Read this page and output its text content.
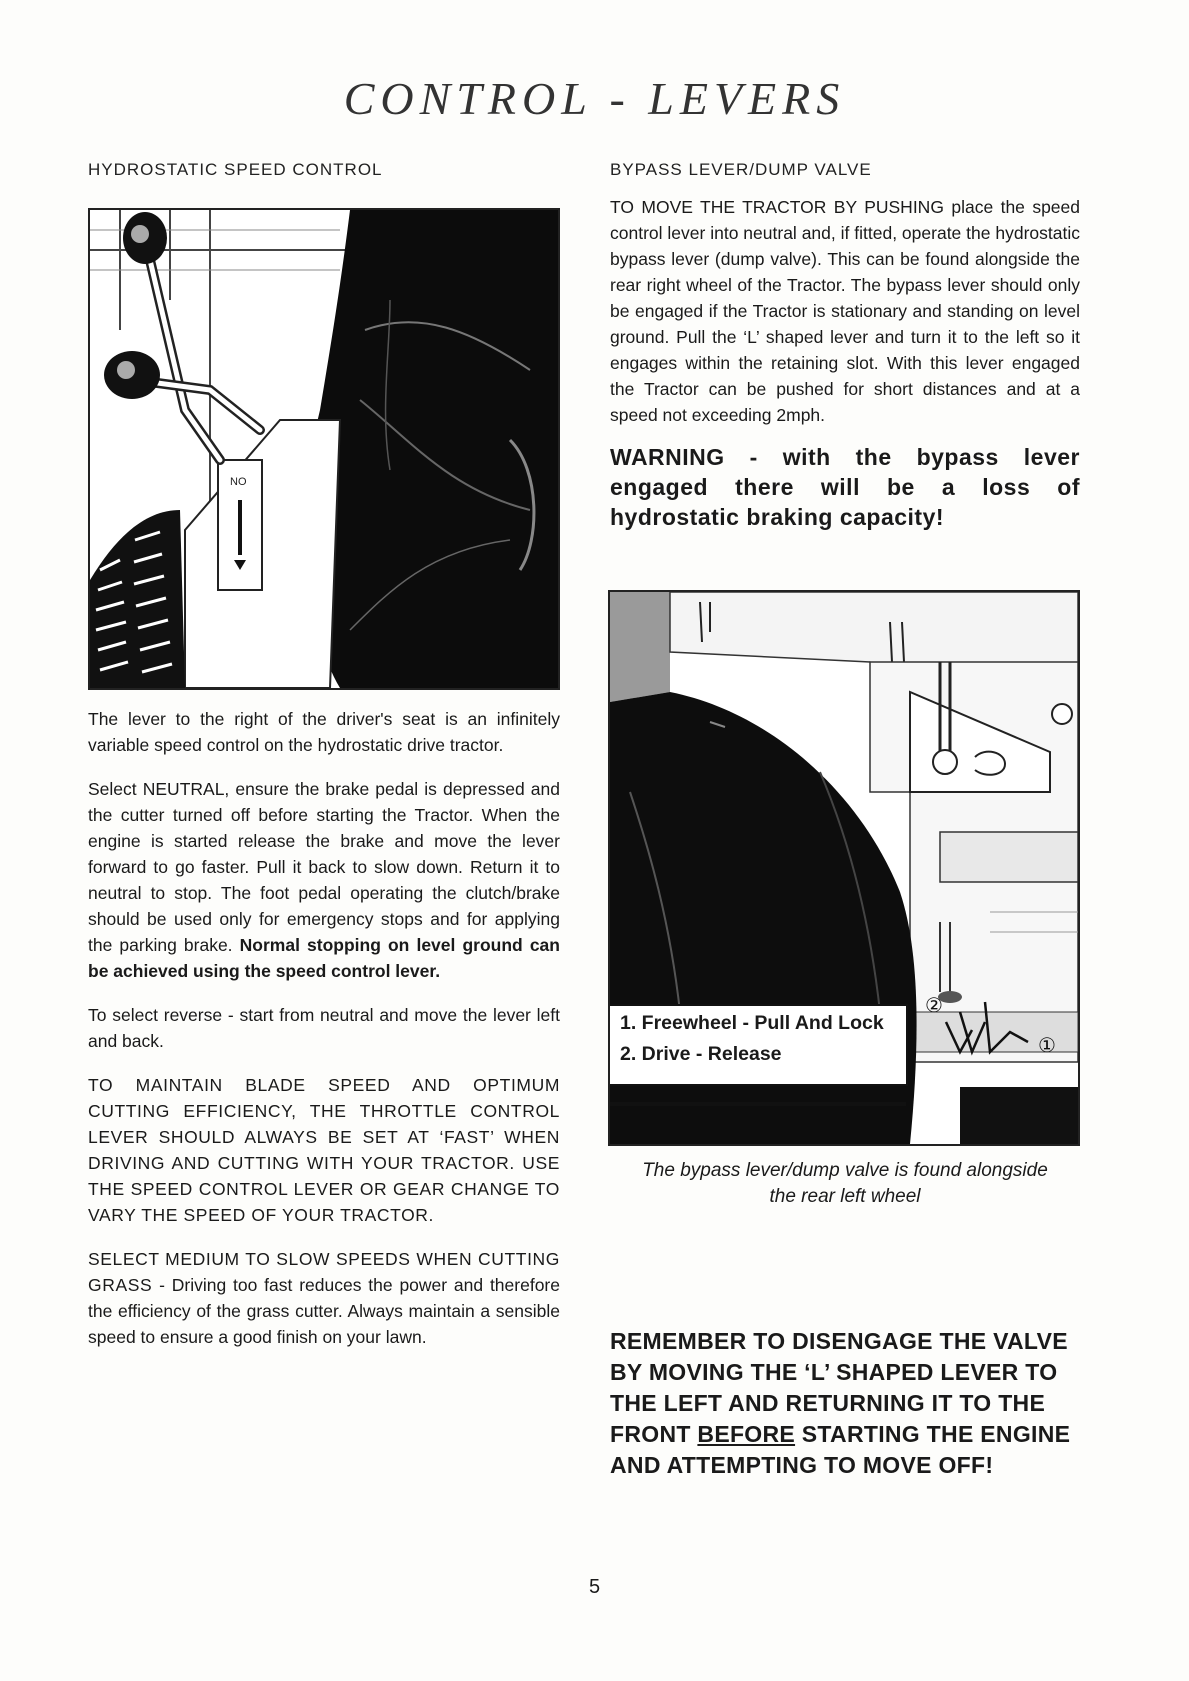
CONTROL - LEVERS

HYDROSTATIC SPEED CONTROL

NO

The lever to the right of the driver's seat is an infinitely variable speed control on the hydrostatic drive tractor.

Select NEUTRAL, ensure the brake pedal is depressed and the cutter turned off before starting the Tractor. When the engine is started release the brake and move the lever forward to go faster. Pull it back to slow down. Return it to neutral to stop. The foot pedal operating the clutch/brake should be used only for emergency stops and for applying the parking brake. Normal stopping on level ground can be achieved using the speed control lever.

To select reverse - start from neutral and move the lever left and back.

TO MAINTAIN BLADE SPEED AND OPTIMUM CUTTING EFFICIENCY, THE THROTTLE CONTROL LEVER SHOULD ALWAYS BE SET AT ‘FAST’ WHEN DRIVING AND CUTTING WITH YOUR TRACTOR. USE THE SPEED CONTROL LEVER OR GEAR CHANGE TO VARY THE SPEED OF YOUR TRACTOR.

SELECT MEDIUM TO SLOW SPEEDS WHEN CUTTING GRASS - Driving too fast reduces the power and therefore the efficiency of the grass cutter. Always maintain a sensible speed to ensure a good finish on your lawn.

BYPASS LEVER/DUMP VALVE

TO MOVE THE TRACTOR BY PUSHING place the speed control lever into neutral and, if fitted, operate the hydrostatic bypass lever (dump valve). This can be found alongside the rear right wheel of the Tractor. The bypass lever should only be engaged if the Tractor is stationary and standing on level ground. Pull the ‘L’ shaped lever and turn it to the left so it engages within the retaining slot. With this lever engaged the Tractor can be pushed for short distances and at a speed not exceeding 2mph.

WARNING - with the bypass lever engaged there will be a loss of hydrostatic braking capacity!

②
①
1. Freewheel - Pull And Lock
2. Drive - Release

The bypass lever/dump valve is found alongside the rear left wheel

REMEMBER TO DISENGAGE THE VALVE BY MOVING THE ‘L’ SHAPED LEVER TO THE LEFT AND RETURNING IT TO THE FRONT BEFORE STARTING THE ENGINE AND ATTEMPTING TO MOVE OFF!

5
